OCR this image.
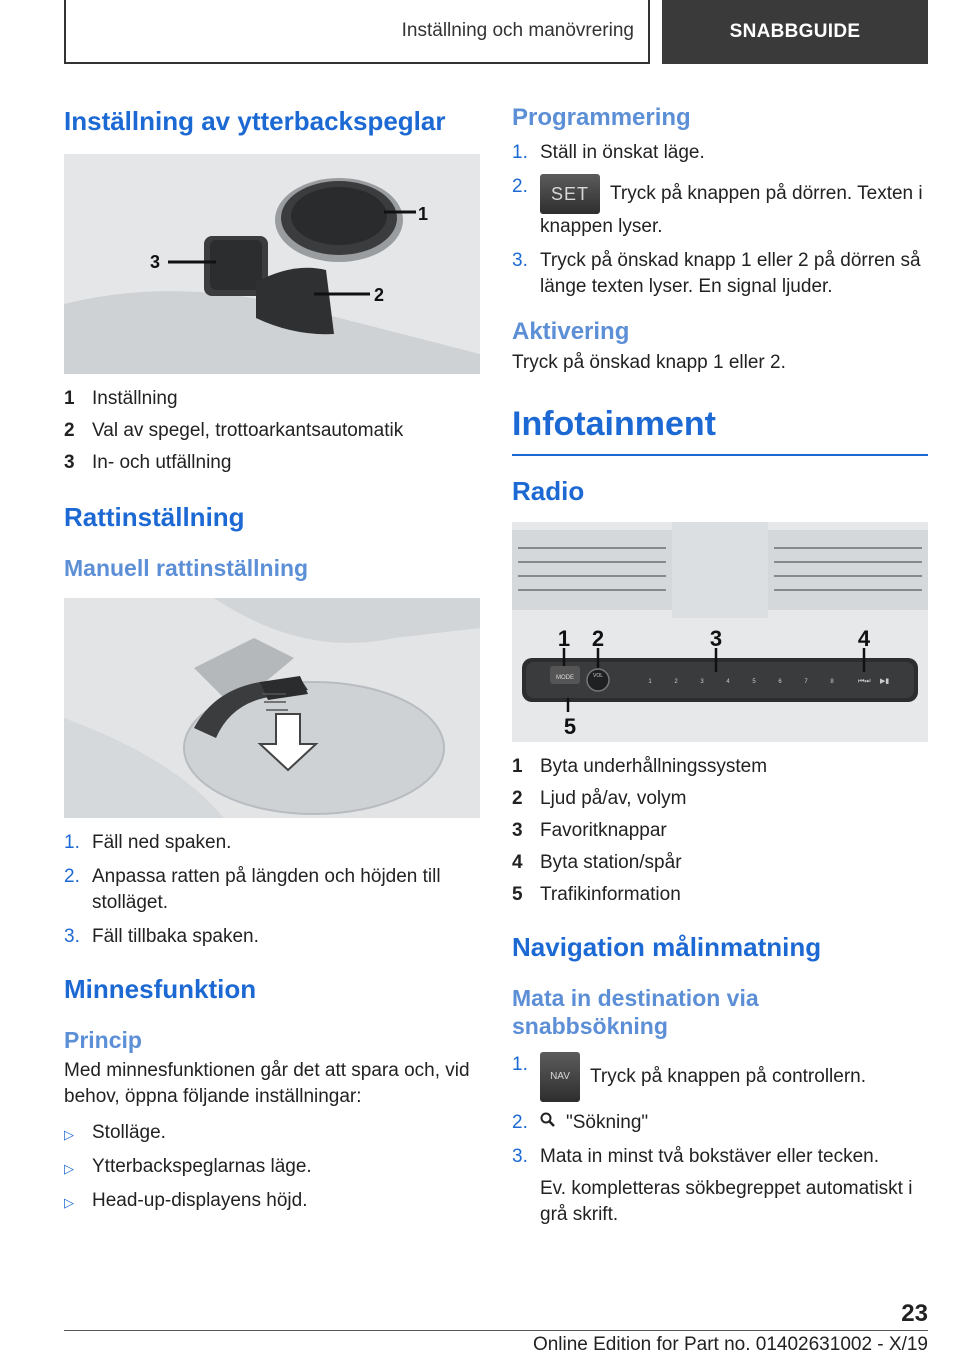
Inställning och manövrering	SNABBGUIDE
Inställning av ytterbackspeglar
1
2
3
1 Inställning
2 Val av spegel, trottoarkantsautomatik
3 In- och utfällning
Rattinställning
Manuell rattinställning
1. Fäll ned spaken.
2. Anpassa ratten på längden och höjden till stolläget.
3. Fäll tillbaka spaken.
Minnesfunktion
Princip

Med minnesfunktionen går det att spara och, vid behov, öppna följande inställningar:

▷ Stolläge.
▷ Ytterbackspeglarnas läge.
▷ Head-up-displayens höjd.
Programmering
1. Ställ in önskat läge.
2.	SET Tryck på knappen på dörren. Texten i knappen lyser.
3. Tryck på önskad knapp 1 eller 2 på dörren så länge texten lyser. En signal ljuder.
Aktivering

Tryck på önskad knapp 1 eller 2.

Infotainment
Radio
MODE	VOL
1	2	3	4	5	6	7	8	⏮⏭ ▶▮
1 2	3	4
5
1 Byta underhållningssystem
2 Ljud på/av, volym
3 Favoritknappar
4 Byta station/spår
5 Trafikinformation
Navigation målinmatning
Mata in destination via snabbsökning
1.
NAV Tryck på knappen på controllern.
2.	"Sökning"
3. Mata in minst två bokstäver eller tecken.
Ev. kompletteras sökbegreppet automatiskt i grå skrift.
23
Online Edition for Part no. 01402631002 - X/19
